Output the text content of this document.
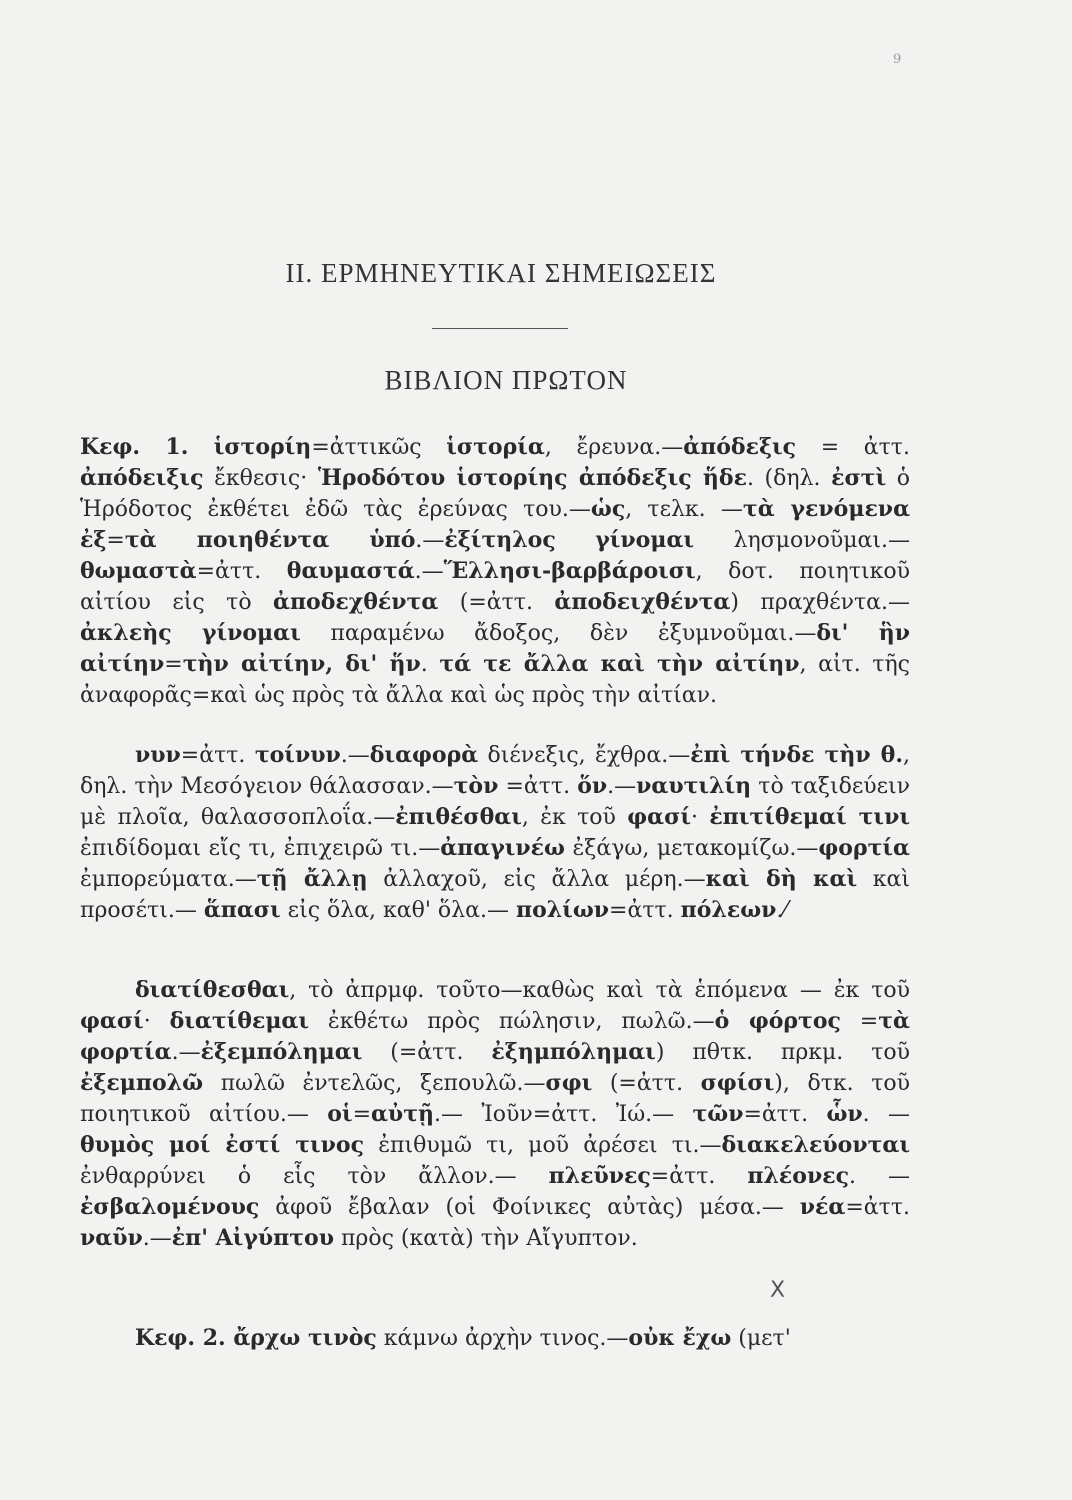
9
II. ΕΡΜΗΝΕΥΤΙΚΑΙ ΣΗΜΕΙΩΣΕΙΣ
ΒΙΒΛΙΟΝ ΠΡΩΤΟΝ
Κεφ. 1. ἱστορίη=ἀττικῶς ἱστορία, ἔρευνα.—ἀπόδεξις = ἀττ. ἀπόδειξις ἔκθεσις· Ἡροδότου ἱστορίης ἀπόδεξις ἥδε. (δηλ. ἐστὶ ὁ Ἡρόδοτος ἐκθέτει ἐδῶ τὰς ἐρεύνας του.—ὡς, τελκ. —τὰ γενόμενα ἐξ=τὰ ποιηθέντα ὑπό.—ἐξίτηλος γίνομαι λησμονοῦμαι.—θωμαστὰ=ἀττ. θαυμαστά.—Ἕλλησι-βαρβάροισι, δοτ. ποιητικοῦ αἰτίου εἰς τὸ ἀποδεχθέντα (=ἀττ. ἀποδειχθέντα) πραχθέντα.—ἀκλεὴς γίνομαι παραμένω ἄδοξος, δὲν ἐξυμνοῦμαι.—δι' ἣν αἰτίην=τὴν αἰτίην, δι' ἥν. τά τε ἄλλα καὶ τὴν αἰτίην, αἰτ. τῆς ἀναφορᾶς=καὶ ὡς πρὸς τὰ ἄλλα καὶ ὡς πρὸς τὴν αἰτίαν.
νυν=ἀττ. τοίνυν.—διαφορὰ διένεξις, ἔχθρα.—ἐπὶ τήνδε τὴν θ., δηλ. τὴν Μεσόγειον θάλασσαν.—τὸν =ἀττ. ὅν.—ναυτιλίη τὸ ταξιδεύειν μὲ πλοῖα, θαλασσοπλοΐα.—ἐπιθέσθαι, ἐκ τοῦ φασί· ἐπιτίθεμαί τινι ἐπιδίδομαι εἴς τι, ἐπιχειρῶ τι.—ἀπαγινέω ἐξάγω, μετακομίζω.—φορτία ἐμπορεύματα.—τῇ ἄλλῃ ἀλλαχοῦ, εἰς ἄλλα μέρη.—καὶ δὴ καὶ καὶ προσέτι.— ἅπασι εἰς ὅλα, καθ' ὅλα.— πολίων=ἀττ. πόλεων.⁄
διατίθεσθαι, τὸ ἀπρμφ. τοῦτο—καθὼς καὶ τὰ ἑπόμενα — ἐκ τοῦ φασί· διατίθεμαι ἐκθέτω πρὸς πώλησιν, πωλῶ.—ὁ φόρτος =τὰ φορτία.—ἐξεμπόλημαι (=ἀττ. ἐξημπόλημαι) πθτκ. πρκμ. τοῦ ἐξεμπολῶ πωλῶ ἐντελῶς, ξεπουλῶ.—σφι (=ἀττ. σφίσι), δτκ. τοῦ ποιητικοῦ αἰτίου.— οἱ=αὐτῇ.— Ἰοῦν=ἀττ. Ἰώ.— τῶν=ἀττ. ὧν. — θυμὸς μοί ἐστί τινος ἐπιθυμῶ τι, μοῦ ἀρέσει τι.—διακελεύονται ἐνθαρρύνει ὁ εἷς τὸν ἄλλον.— πλεῦνες=ἀττ. πλέονες. —ἐσβαλομένους ἀφοῦ ἔβαλαν (οἱ Φοίνικες αὐτὰς) μέσα.— νέα=ἀττ. ναῦν.—ἐπ' Αἰγύπτου πρὸς (κατὰ) τὴν Αἴγυπτον.
Κεφ. 2. ἄρχω τινὸς κάμνω ἀρχὴν τινος.—οὐκ ἔχω (μετ'
Χ
